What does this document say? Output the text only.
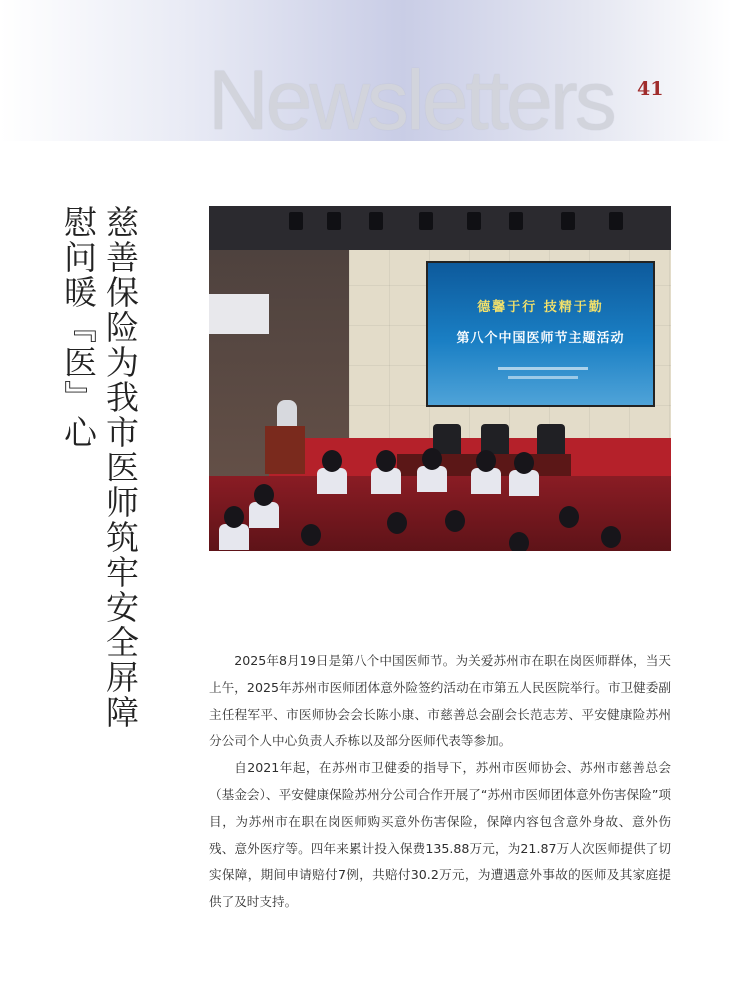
Newsletters 41
慈善保险为我市医师筑牢安全屏障
慰问暖『医』心	德馨于行 技精于勤
第八个中国医师节主题活动

2025年8月19日是第八个中国医师节。为关爱苏州市在职在岗医师群体，当天上午，2025年苏州市医师团体意外险签约活动在市第五人民医院举行。市卫健委副主任程军平、市医师协会会长陈小康、市慈善总会副会长范志芳、平安健康险苏州分公司个人中心负责人乔栋以及部分医师代表等参加。

自2021年起，在苏州市卫健委的指导下，苏州市医师协会、苏州市慈善总会（基金会）、平安健康保险苏州分公司合作开展了“苏州市医师团体意外伤害保险”项目，为苏州市在职在岗医师购买意外伤害保险，保障内容包含意外身故、意外伤残、意外医疗等。四年来累计投入保费135.88万元，为21.87万人次医师提供了切实保障，期间申请赔付7例，共赔付30.2万元，为遭遇意外事故的医师及其家庭提供了及时支持。
